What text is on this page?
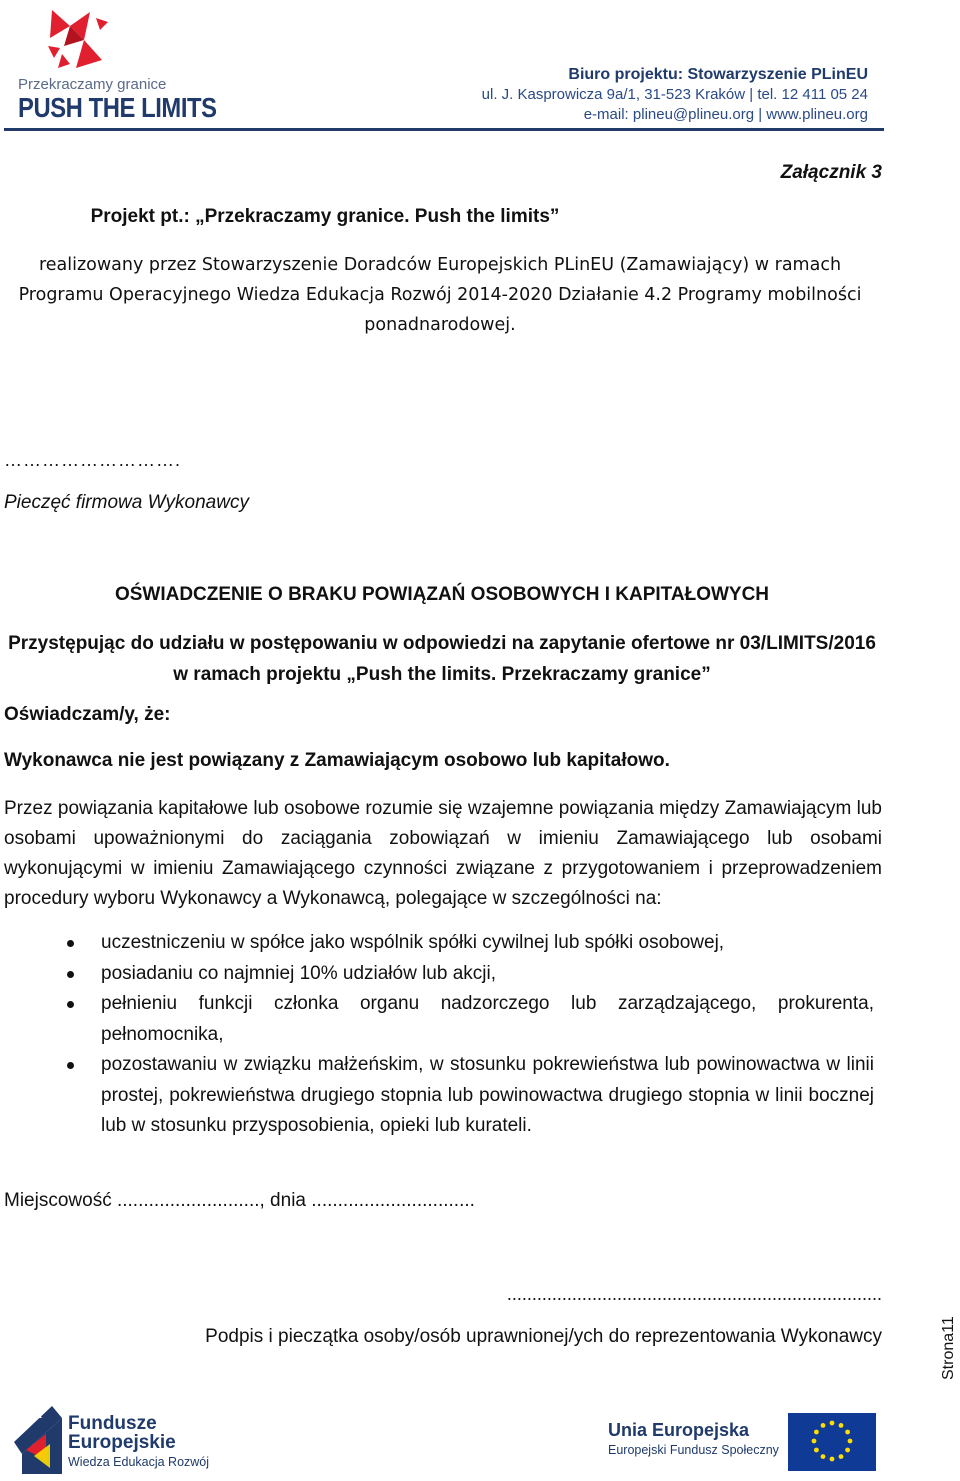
Przekraczamy granice
PUSH THE LIMITS
Biuro projektu: Stowarzyszenie PLinEU
ul. J. Kasprowicza 9a/1, 31-523 Kraków | tel. 12 411 05 24
e-mail: plineu@plineu.org | www.plineu.org
Załącznik 3
Projekt pt.: „Przekraczamy granice. Push the limits”
realizowany przez Stowarzyszenie Doradców Europejskich PLinEU (Zamawiający) w ramach Programu Operacyjnego Wiedza Edukacja Rozwój 2014-2020 Działanie 4.2 Programy mobilności ponadnarodowej.
……………………….
Pieczęć firmowa Wykonawcy
OŚWIADCZENIE O BRAKU POWIĄZAŃ OSOBOWYCH I KAPITAŁOWYCH
Przystępując do udziału w postępowaniu w odpowiedzi na zapytanie ofertowe nr 03/LIMITS/2016
w ramach projektu „Push the limits. Przekraczamy granice”
Oświadczam/y, że:
Wykonawca nie jest powiązany z Zamawiającym osobowo lub kapitałowo.
Przez powiązania kapitałowe lub osobowe rozumie się wzajemne powiązania między Zamawiającym lub osobami upoważnionymi do zaciągania zobowiązań w imieniu Zamawiającego lub osobami wykonującymi w imieniu Zamawiającego czynności związane z przygotowaniem i przeprowadzeniem procedury wyboru Wykonawcy a Wykonawcą, polegające w szczególności na:
uczestniczeniu w spółce jako wspólnik spółki cywilnej lub spółki osobowej,
posiadaniu co najmniej 10% udziałów lub akcji,
pełnieniu funkcji członka organu nadzorczego lub zarządzającego, prokurenta, pełnomocnika,
pozostawaniu w związku małżeńskim, w stosunku pokrewieństwa lub powinowactwa w linii prostej, pokrewieństwa drugiego stopnia lub powinowactwa drugiego stopnia w linii bocznej lub w stosunku przysposobienia, opieki lub kurateli.
Miejscowość ..........................., dnia ...............................
...........................................................................
Podpis i pieczątka osoby/osób uprawnionej/ych do reprezentowania Wykonawcy	Strona11
Fundusze
Europejskie
Wiedza Edukacja Rozwój
Unia Europejska
Europejski Fundusz Społeczny
